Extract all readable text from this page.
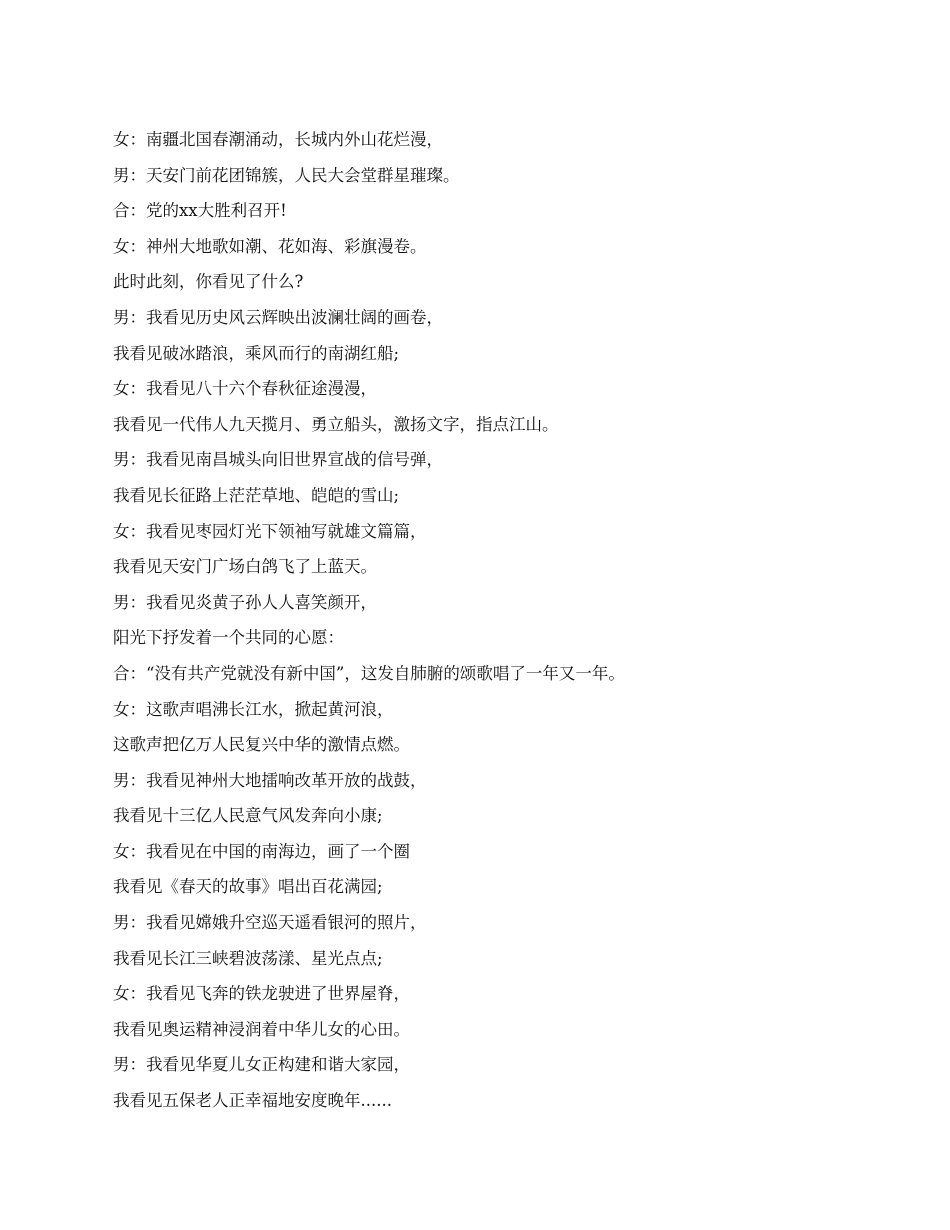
女：南疆北国春潮涌动，长城内外山花烂漫，
男：天安门前花团锦簇，人民大会堂群星璀璨。
合：党的xx大胜利召开!
女：神州大地歌如潮、花如海、彩旗漫卷。
此时此刻，你看见了什么?
男：我看见历史风云辉映出波澜壮阔的画卷，
我看见破冰踏浪，乘风而行的南湖红船;
女：我看见八十六个春秋征途漫漫，
我看见一代伟人九天揽月、勇立船头，激扬文字，指点江山。
男：我看见南昌城头向旧世界宣战的信号弹，
我看见长征路上茫茫草地、皑皑的雪山;
女：我看见枣园灯光下领袖写就雄文篇篇，
我看见天安门广场白鸽飞了上蓝天。
男：我看见炎黄子孙人人喜笑颜开，
阳光下抒发着一个共同的心愿：
合：“没有共产党就没有新中国”，这发自肺腑的颂歌唱了一年又一年。
女：这歌声唱沸长江水，掀起黄河浪，
这歌声把亿万人民复兴中华的激情点燃。
男：我看见神州大地擂响改革开放的战鼓，
我看见十三亿人民意气风发奔向小康;
女：我看见在中国的南海边，画了一个圈
我看见《春天的故事》唱出百花满园;
男：我看见嫦娥升空巡天遥看银河的照片，
我看见长江三峡碧波荡漾、星光点点;
女：我看见飞奔的铁龙驶进了世界屋脊，
我看见奥运精神浸润着中华儿女的心田。
男：我看见华夏儿女正构建和谐大家园，
我看见五保老人正幸福地安度晚年......
